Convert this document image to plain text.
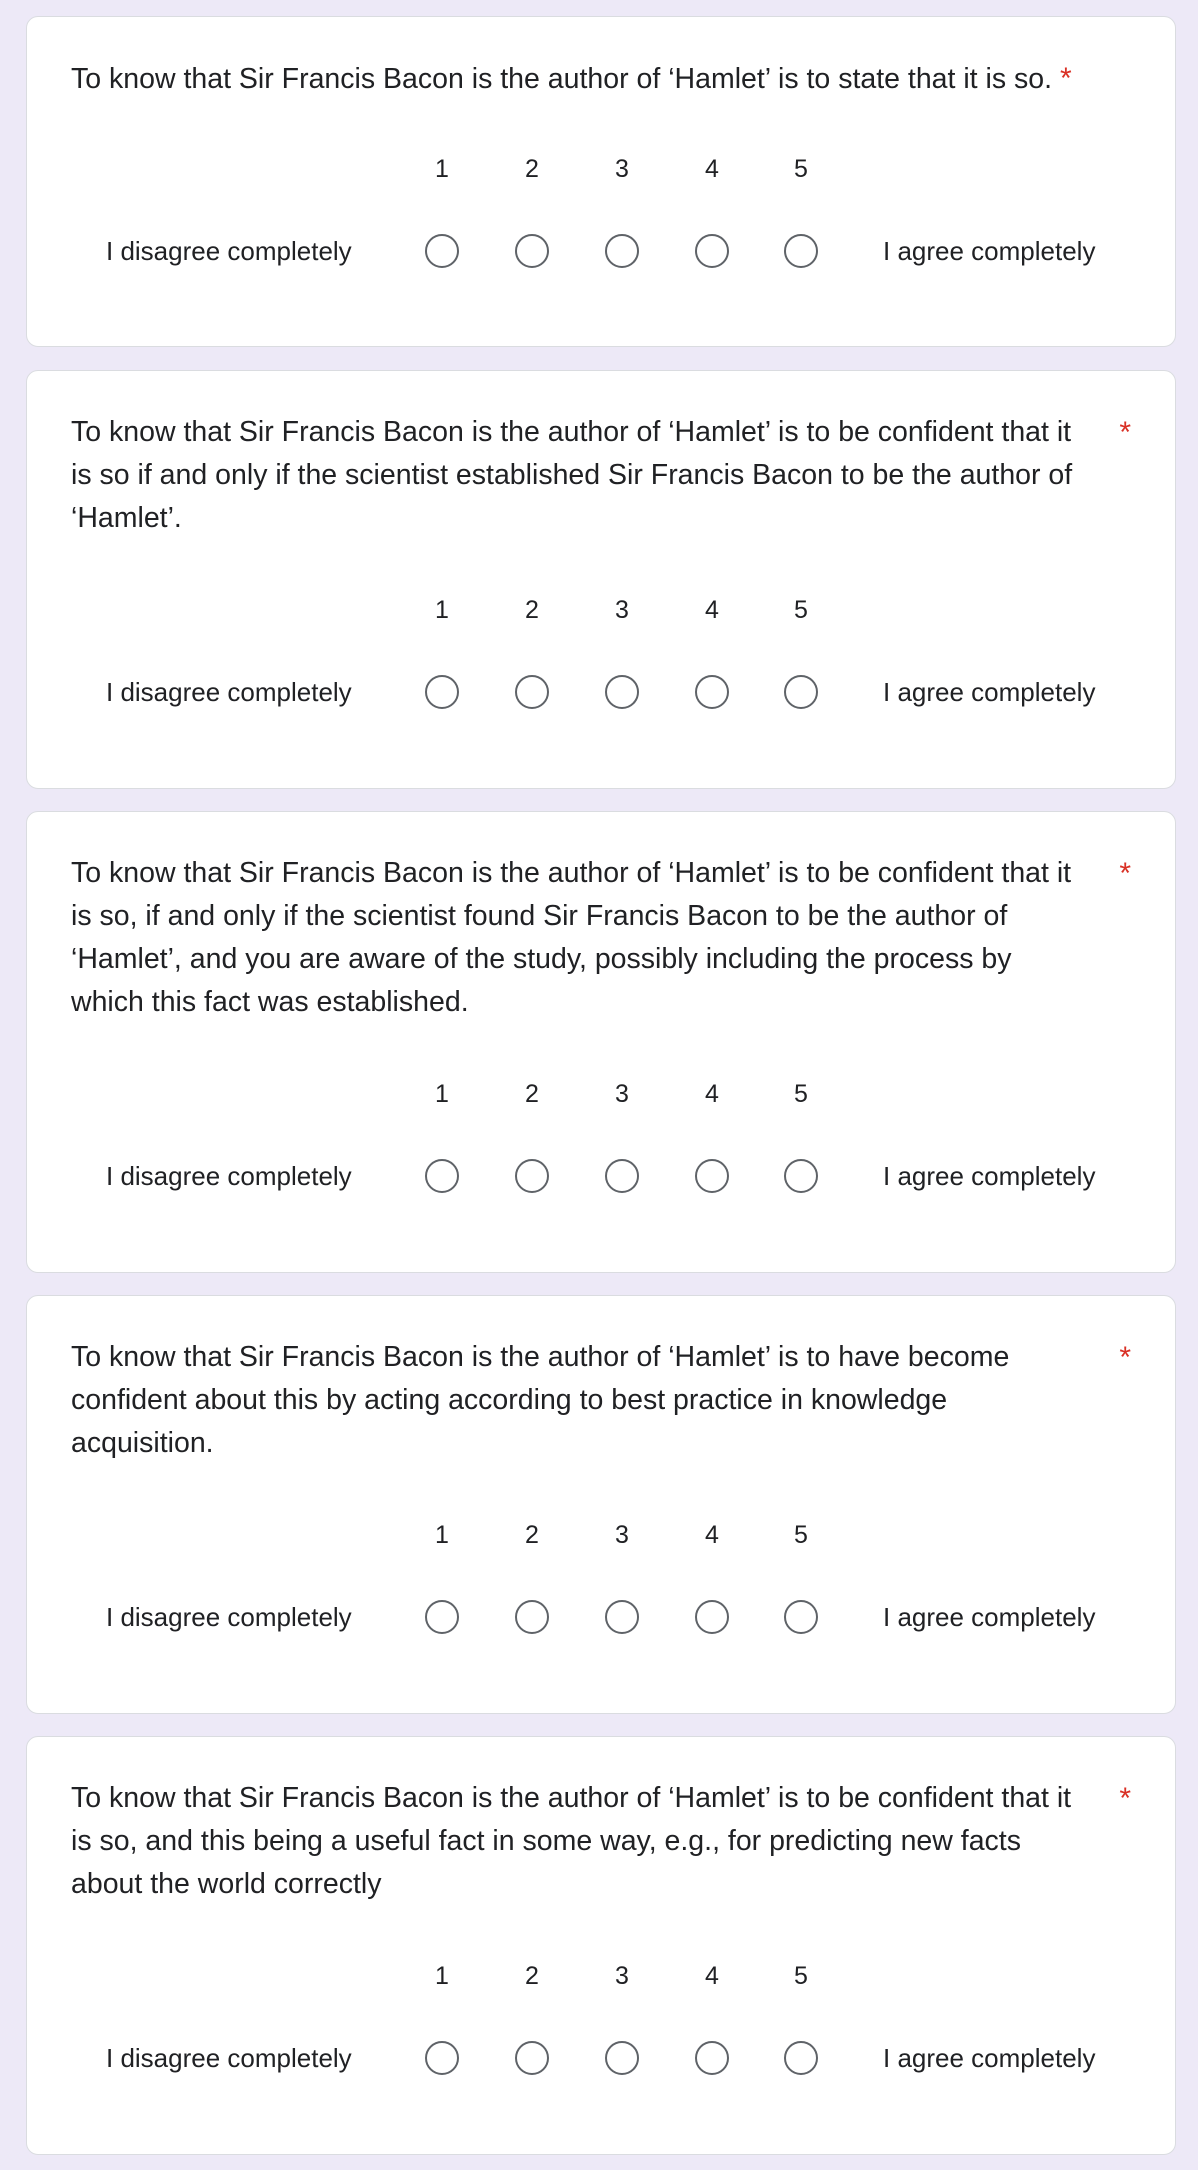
To know that Sir Francis Bacon is the author of ‘Hamlet’ is to state that it is so. *
1	2	3	4	5
I disagree completely	I agree completely
To know that Sir Francis Bacon is the author of ‘Hamlet’ is to be confident that it is so if and only if the scientist established Sir Francis Bacon to be the author of ‘Hamlet’.
*
1	2	3	4	5
I disagree completely	I agree completely
To know that Sir Francis Bacon is the author of ‘Hamlet’ is to be confident that it is so, if and only if the scientist found Sir Francis Bacon to be the author of ‘Hamlet’, and you are aware of the study, possibly including the process by which this fact was established.
*
1	2	3	4	5
I disagree completely	I agree completely
To know that Sir Francis Bacon is the author of ‘Hamlet’ is to have become confident about this by acting according to best practice in knowledge acquisition.
*
1	2	3	4	5
I disagree completely	I agree completely
To know that Sir Francis Bacon is the author of ‘Hamlet’ is to be confident that it is so, and this being a useful fact in some way, e.g., for predicting new facts about the world correctly
*
1	2	3	4	5
I disagree completely	I agree completely
